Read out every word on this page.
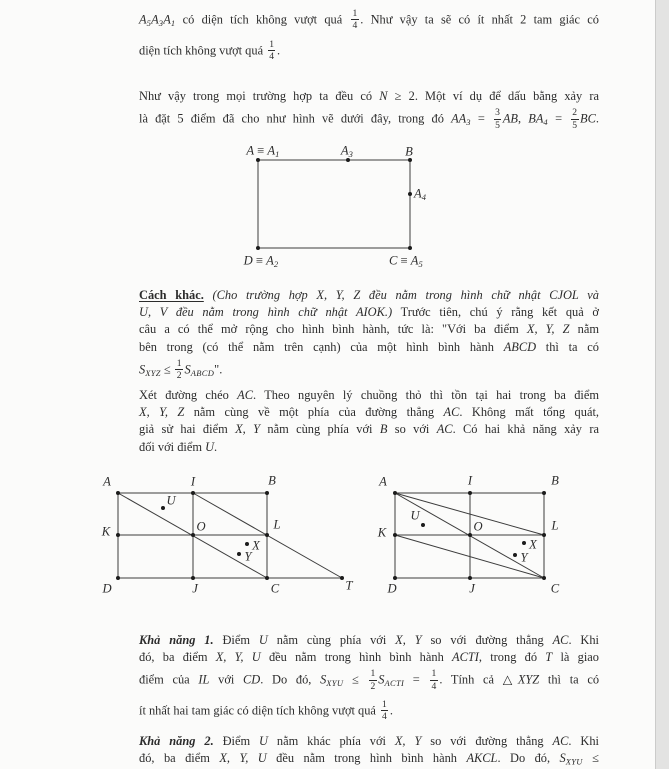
$A_5A_3A_1$ có diện tích không vượt quá $\frac{1}{4}$ . Như vậy ta sẽ có ít nhất 2 tam giác có
diện tích không vượt quá $\frac{1}{4}$ .
Như vậy trong mọi trường hợp ta đều có N ≥ 2. Một ví dụ để dấu bằng xảy ra
là đặt 5 điểm đã cho như hình vẽ dưới đây, trong đó $AA_3 = \frac{3}{5}$ AB, $BA_4 = \frac{2}{5}$ BC.
Cách khác. (Cho trường hợp X, Y, Z đều nằm trong hình chữ nhật CJOL và
U, V đều nằm trong hình chữ nhật AIOK.) Trước tiên, chú ý rằng kết quả ở
câu a có thể mở rộng cho hình bình hành, tức là: "Với ba điểm X, Y, Z nằm
bên trong (có thể nằm trên cạnh) của một hình bình hành ABCD thì ta có
$S_{XYZ} \le \frac{1}{2} S_{ABCD}$".
Xét đường chéo AC. Theo nguyên lý chuồng thỏ thì tồn tại hai trong ba điểm
X, Y, Z nằm cùng về một phía của đường thẳng AC. Không mất tổng quát,
giả sử hai điểm X, Y nằm cùng phía với B so với AC. Có hai khả năng xảy ra
đối với điểm U.
Khả năng 1. Điểm U nằm cùng phía với X, Y so với đường thẳng AC. Khi
đó, ba điểm X, Y, U đều nằm trong hình bình hành ACTI, trong đó T là giao
điểm của IL với CD. Do đó, $S_{XYU} \le \frac{1}{2} S_{ACTI} = \frac{1}{4}$ . Tính cả △XYZ thì ta có
ít nhất hai tam giác có diện tích không vượt quá $\frac{1}{4}$ .
Khả năng 2. Điểm U nằm khác phía với X, Y so với đường thẳng AC. Khi
đó, ba điểm X, Y, U đều nằm trong hình bình hành AKCL. Do đó, $S_{XYU}$ ≤
$A \equiv A_1$	$A_3$	B
$A_4$
$D \equiv A_2$	$C \equiv A_5$
A	I	B
K	O	L
D	J	C	T
U
X
Y
A	I	B
K	O	L
D	J	C
U
X
Y
